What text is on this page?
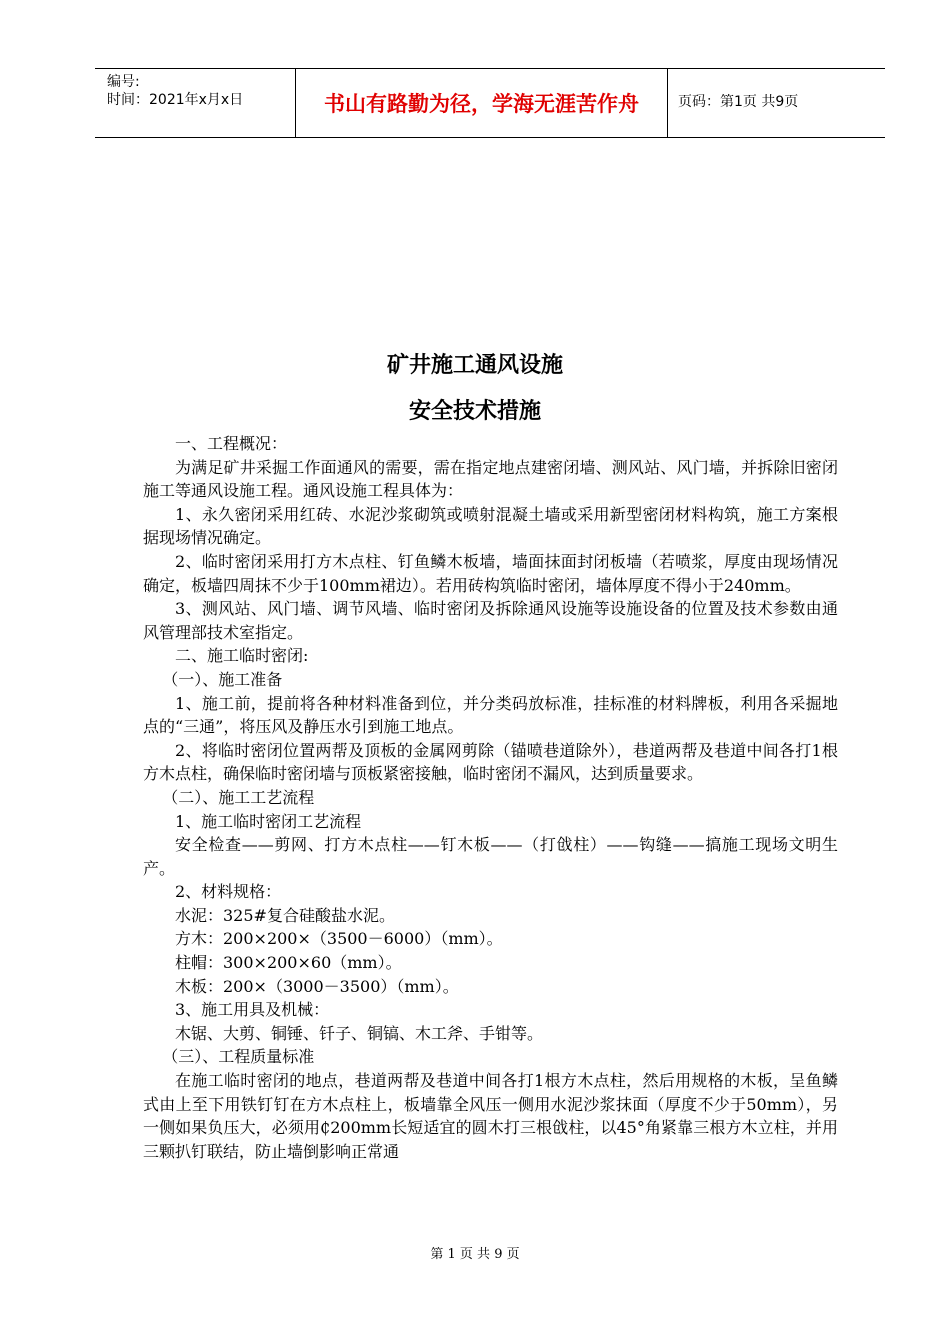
编号:
时间：2021年x月x日	书山有路勤为径，学海无涯苦作舟	页码：第1页 共9页
矿井施工通风设施
安全技术措施

一、工程概况：

为满足矿井采掘工作面通风的需要，需在指定地点建密闭墙、测风站、风门墙，并拆除旧密闭施工等通风设施工程。通风设施工程具体为：

1、永久密闭采用红砖、水泥沙浆砌筑或喷射混凝土墙或采用新型密闭材料构筑，施工方案根据现场情况确定。

2、临时密闭采用打方木点柱、钉鱼鳞木板墙，墙面抹面封闭板墙（若喷浆，厚度由现场情况确定，板墙四周抹不少于100mm裙边）。若用砖构筑临时密闭，墙体厚度不得小于240mm。

3、测风站、风门墙、调节风墙、临时密闭及拆除通风设施等设施设备的位置及技术参数由通风管理部技术室指定。

二、施工临时密闭:

（一）、施工准备

1、施工前，提前将各种材料准备到位，并分类码放标准，挂标准的材料牌板，利用各采掘地点的“三通”，将压风及静压水引到施工地点。

2、将临时密闭位置两帮及顶板的金属网剪除（锚喷巷道除外），巷道两帮及巷道中间各打1根方木点柱，确保临时密闭墙与顶板紧密接触，临时密闭不漏风，达到质量要求。

（二）、施工工艺流程

1、施工临时密闭工艺流程

安全检查——剪网、打方木点柱——钉木板——（打戗柱）——钩缝——搞施工现场文明生产。

2、材料规格：

水泥：325#复合硅酸盐水泥。

方木：200×200×（3500－6000）（mm）。

柱帽：300×200×60（mm）。

木板：200×（3000－3500）（mm）。

3、施工用具及机械：

木锯、大剪、铜锤、钎子、铜镐、木工斧、手钳等。

（三）、工程质量标准

在施工临时密闭的地点，巷道两帮及巷道中间各打1根方木点柱，然后用规格的木板，呈鱼鳞式由上至下用铁钉钉在方木点柱上，板墙靠全风压一侧用水泥沙浆抹面（厚度不少于50mm），另一侧如果负压大，必须用₵200mm长短适宜的圆木打三根戗柱，以45°角紧靠三根方木立柱，并用三颗扒钉联结，防止墙倒影响正常通

第 1 页 共 9 页
